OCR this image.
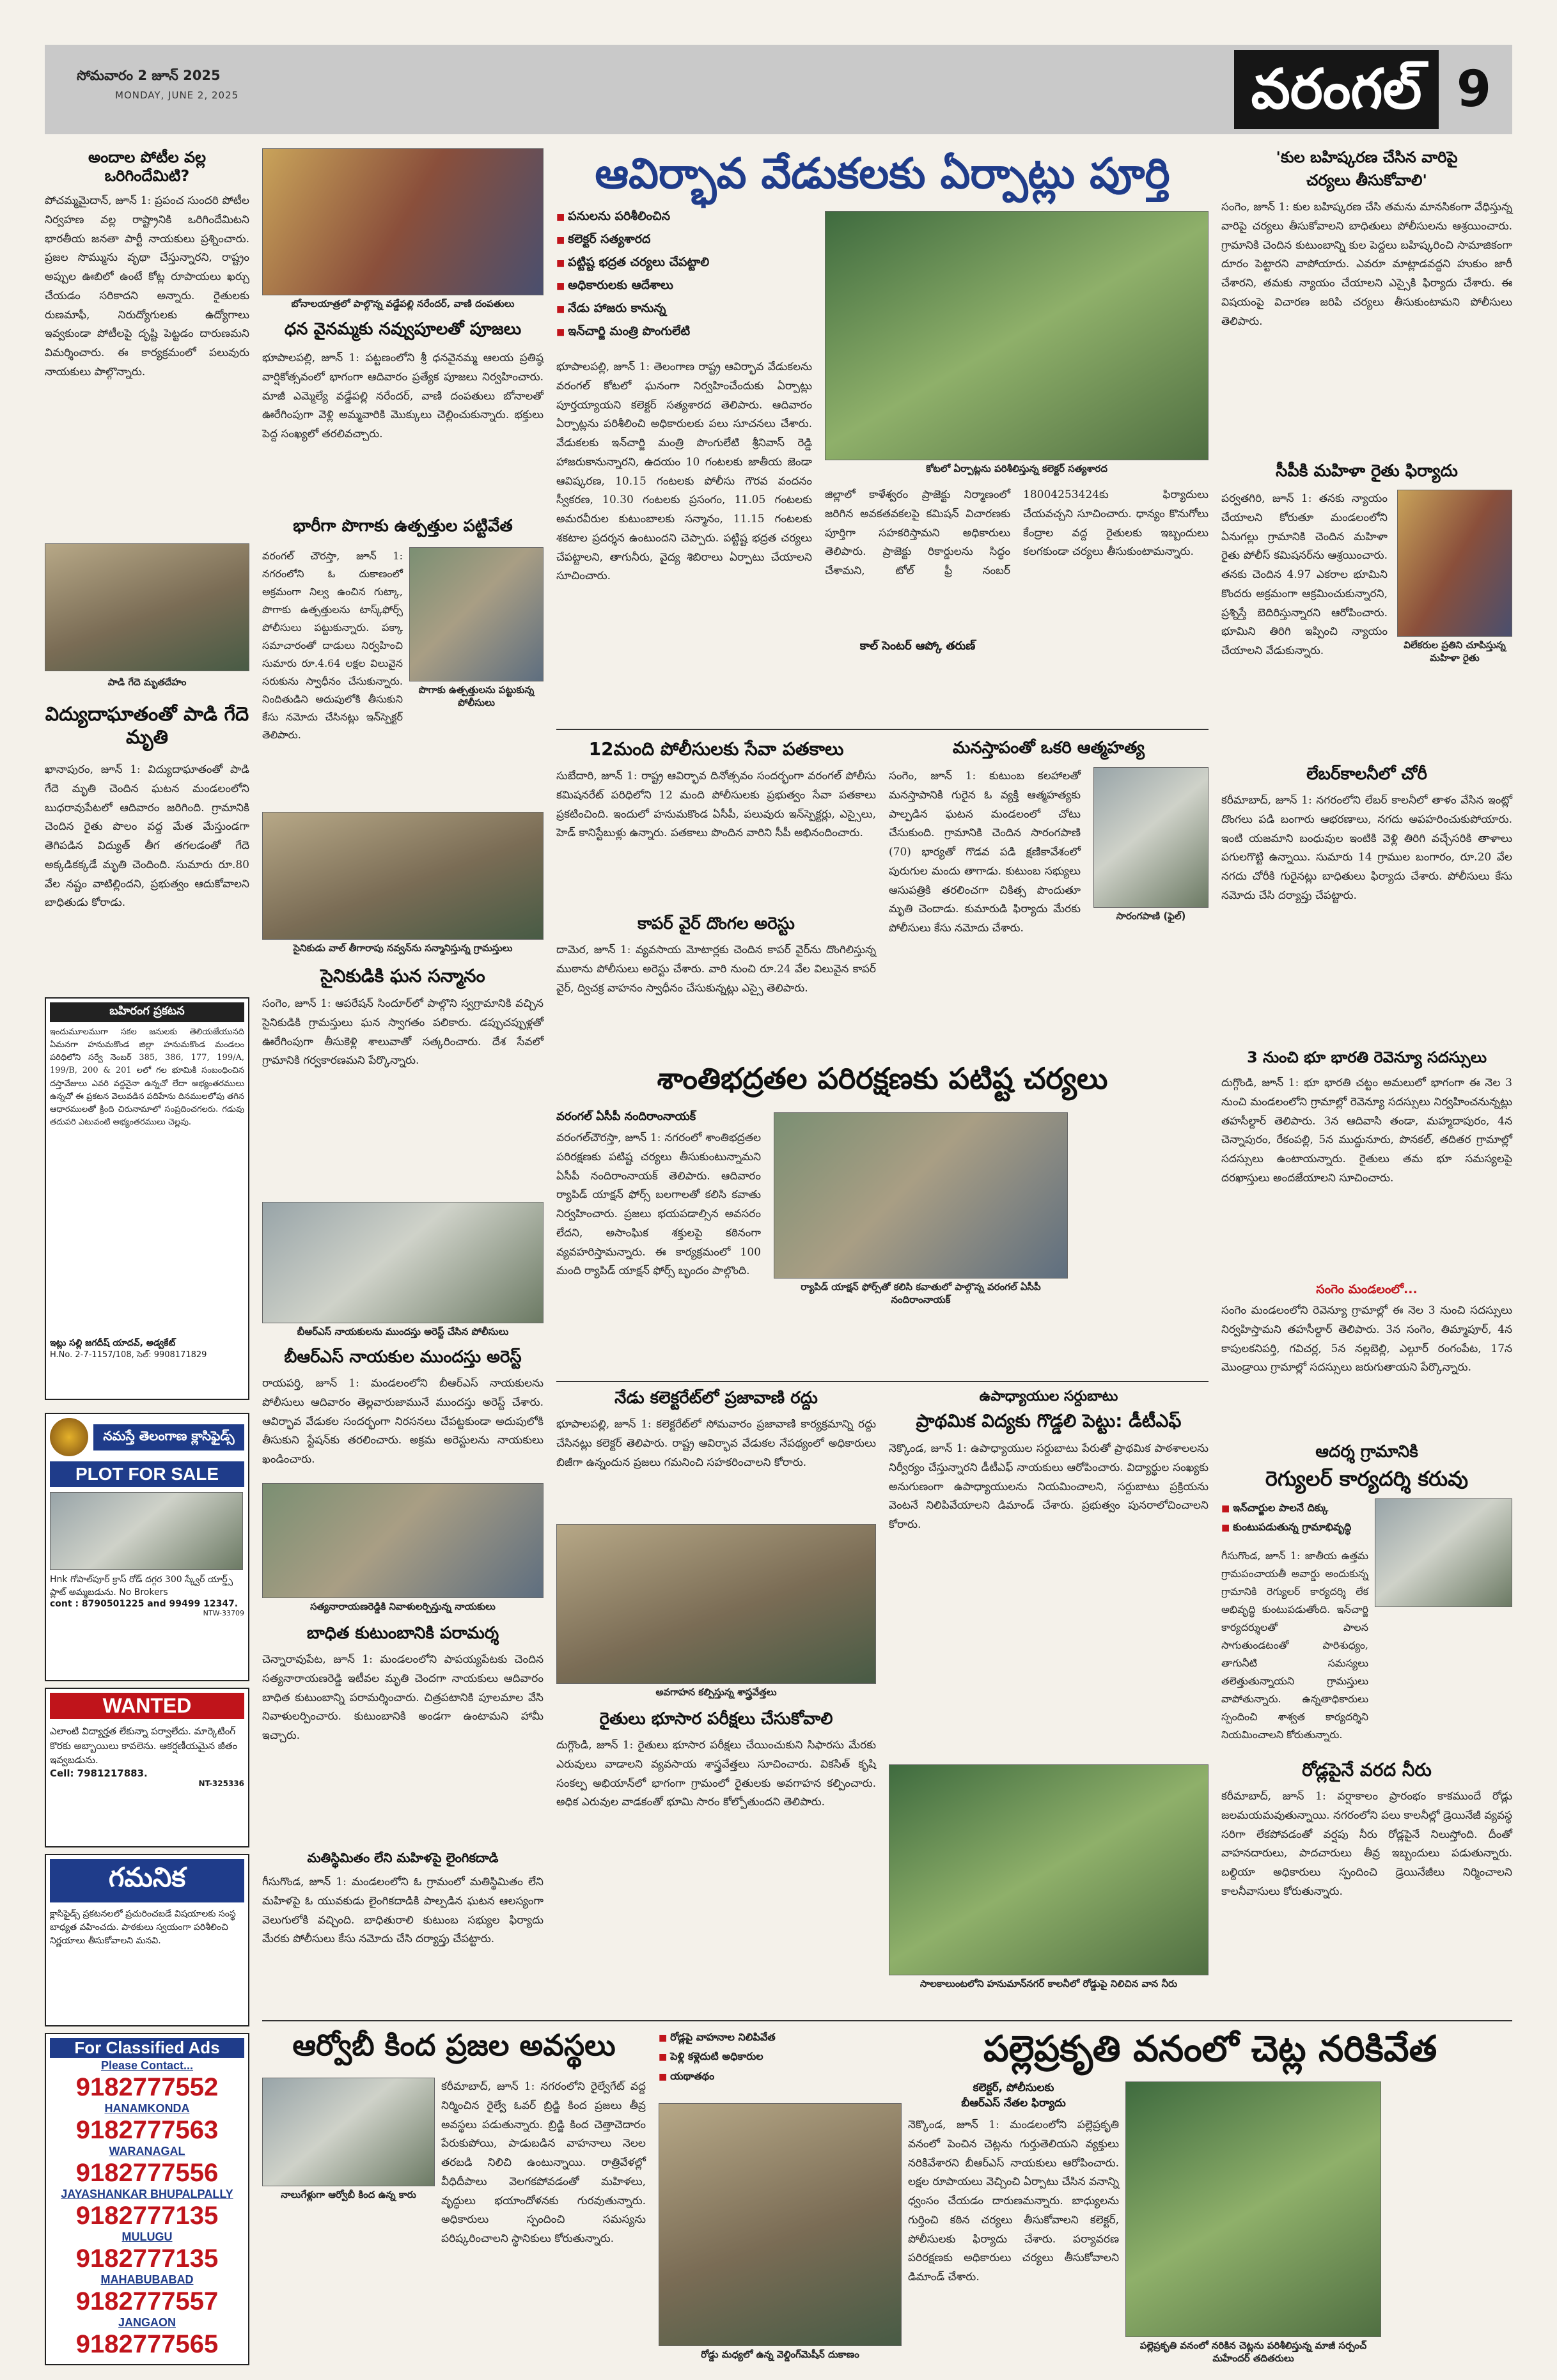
సోమవారం 2 జూన్ 2025
MONDAY, JUNE 2, 2025	వరంగల్ 9
అందాల పోటీల వల్ల ఒరిగిందేమిటి?
పోచమ్మమైదాన్, జూన్ 1: ప్రపంచ సుందరి పోటీల నిర్వహణ వల్ల రాష్ట్రానికి ఒరిగిందేమిటని భారతీయ జనతా పార్టీ నాయకులు ప్రశ్నించారు. ప్రజల సొమ్మును వృథా చేస్తున్నారని, రాష్ట్రం అప్పుల ఊబిలో ఉంటే కోట్ల రూపాయలు ఖర్చు చేయడం సరికాదని అన్నారు. రైతులకు రుణమాఫీ, నిరుద్యోగులకు ఉద్యోగాలు ఇవ్వకుండా పోటీలపై దృష్టి పెట్టడం దారుణమని విమర్శించారు. ఈ కార్యక్రమంలో పలువురు నాయకులు పాల్గొన్నారు.
పాడి గేదె మృతదేహం
విద్యుదాఘాతంతో పాడి గేదె మృతి
ఖానాపురం, జూన్ 1: విద్యుదాఘాతంతో పాడి గేదె మృతి చెందిన ఘటన మండలంలోని బుధరావుపేటలో ఆదివారం జరిగింది. గ్రామానికి చెందిన రైతు పొలం వద్ద మేత మేస్తుండగా తెగిపడిన విద్యుత్ తీగ తగలడంతో గేదె అక్కడికక్కడే మృతి చెందింది. సుమారు రూ.80 వేల నష్టం వాటిల్లిందని, ప్రభుత్వం ఆదుకోవాలని బాధితుడు కోరాడు.
బహిరంగ ప్రకటన
ఇందుమూలముగా సకల జనులకు తెలియజేయునది ఏమనగా హనుమకొండ జిల్లా హనుమకొండ మండలం పరిధిలోని సర్వే నెంబర్ 385, 386, 177, 199/A, 199/B, 200 & 201 లలో గల భూమికి సంబంధించిన దస్తావేజులు ఎవరి వద్దనైనా ఉన్నచో లేదా అభ్యంతరములు ఉన్నచో ఈ ప్రకటన వెలువడిన పదిహేను దినములలోపు తగిన ఆధారములతో క్రింది చిరునామాలో సంప్రదించగలరు. గడువు తదుపరి ఎటువంటి అభ్యంతరములు చెల్లవు.
ఇట్లు సల్లి జగదీష్ యాదవ్, అడ్వకేట్
H.No. 2-7-1157/108, సెల్: 9908171829
నమస్తే తెలంగాణ క్లాసిఫైడ్స్
PLOT FOR SALE
Hnk గోపాల్‌పూర్ క్రాస్ రోడ్ దగ్గర 300 స్క్వేర్ యార్డ్స్ ప్లాట్ అమ్మబడును. No Brokers
cont : 8790501225 and 99499 12347.
NTW-33709
WANTED
ఎలాంటి విద్యార్హత లేకున్నా పర్వాలేదు. మార్కెటింగ్ కొరకు అబ్బాయిలు కావలెను. ఆకర్షణీయమైన జీతం ఇవ్వబడును.
Cell: 7981217883.
NT-325336
గమనిక
క్లాసిఫైడ్స్ ప్రకటనలలో ప్రచురించబడే విషయాలకు సంస్థ బాధ్యత వహించదు. పాఠకులు స్వయంగా పరిశీలించి నిర్ణయాలు తీసుకోవాలని మనవి.
For Classified Ads
Please Contact...
9182777552
HANAMKONDA
9182777563
WARANAGAL
9182777556
JAYASHANKAR BHUPALPALLY
9182777135
MULUGU
9182777135
MAHABUBABAD
9182777557
JANGAON
9182777565
బోనాలయాత్రలో పాల్గొన్న వడ్డేపల్లి నరేందర్, వాణి దంపతులు
ధన వైనమ్మకు నవ్వుపూలతో పూజలు
భూపాలపల్లి, జూన్ 1: పట్టణంలోని శ్రీ ధనవైనమ్మ ఆలయ ప్రతిష్ఠ వార్షికోత్సవంలో భాగంగా ఆదివారం ప్రత్యేక పూజలు నిర్వహించారు. మాజీ ఎమ్మెల్యే వడ్డేపల్లి నరేందర్, వాణి దంపతులు బోనాలతో ఊరేగింపుగా వెళ్లి అమ్మవారికి మొక్కులు చెల్లించుకున్నారు. భక్తులు పెద్ద సంఖ్యలో తరలివచ్చారు.
భారీగా పొగాకు ఉత్పత్తుల పట్టివేత
వరంగల్ చౌరస్తా, జూన్ 1: నగరంలోని ఓ దుకాణంలో అక్రమంగా నిల్వ ఉంచిన గుట్కా, పొగాకు ఉత్పత్తులను టాస్క్‌ఫోర్స్ పోలీసులు పట్టుకున్నారు. పక్కా సమాచారంతో దాడులు నిర్వహించి సుమారు రూ.4.64 లక్షల విలువైన సరుకును స్వాధీనం చేసుకున్నారు. నిందితుడిని అదుపులోకి తీసుకుని కేసు నమోదు చేసినట్లు ఇన్‌స్పెక్టర్ తెలిపారు.
పొగాకు ఉత్పత్తులను పట్టుకున్న పోలీసులు
సైనికుడు వాల్ తీగారాపు నవ్వన్‌ను సన్మానిస్తున్న గ్రామస్తులు
సైనికుడికి ఘన సన్మానం
సంగెం, జూన్ 1: ఆపరేషన్ సిందూర్‌లో పాల్గొని స్వగ్రామానికి వచ్చిన సైనికుడికి గ్రామస్తులు ఘన స్వాగతం పలికారు. డప్పుచప్పుళ్లతో ఊరేగింపుగా తీసుకెళ్లి శాలువాతో సత్కరించారు. దేశ సేవలో గ్రామానికి గర్వకారణమని పేర్కొన్నారు.
బీఆర్‌ఎస్ నాయకులను ముందస్తు అరెస్ట్ చేసిన పోలీసులు
బీఆర్‌ఎస్ నాయకుల ముందస్తు అరెస్ట్
రాయపర్తి, జూన్ 1: మండలంలోని బీఆర్‌ఎస్ నాయకులను పోలీసులు ఆదివారం తెల్లవారుజామునే ముందస్తు అరెస్ట్ చేశారు. ఆవిర్భావ వేడుకల సందర్భంగా నిరసనలు చేపట్టకుండా అదుపులోకి తీసుకుని స్టేషన్‌కు తరలించారు. అక్రమ అరెస్టులను నాయకులు ఖండించారు.
సత్యనారాయణరెడ్డికి నివాళులర్పిస్తున్న నాయకులు
బాధిత కుటుంబానికి పరామర్శ
చెన్నారావుపేట, జూన్ 1: మండలంలోని పాపయ్యపేటకు చెందిన సత్యనారాయణరెడ్డి ఇటీవల మృతి చెందగా నాయకులు ఆదివారం బాధిత కుటుంబాన్ని పరామర్శించారు. చిత్రపటానికి పూలమాల వేసి నివాళులర్పించారు. కుటుంబానికి అండగా ఉంటామని హామీ ఇచ్చారు.
మతిస్థిమితం లేని మహిళపై లైంగికదాడి
గీసుగొండ, జూన్ 1: మండలంలోని ఓ గ్రామంలో మతిస్థిమితం లేని మహిళపై ఓ యువకుడు లైంగికదాడికి పాల్పడిన ఘటన ఆలస్యంగా వెలుగులోకి వచ్చింది. బాధితురాలి కుటుంబ సభ్యుల ఫిర్యాదు మేరకు పోలీసులు కేసు నమోదు చేసి దర్యాప్తు చేపట్టారు.
ఆవిర్భావ వేడుకలకు ఏర్పాట్లు పూర్తి
■ పనులను పరిశీలించిన
■ కలెక్టర్ సత్యశారద
■ పట్టిష్ట భద్రత చర్యలు చేపట్టాలి
■ అధికారులకు ఆదేశాలు
■ నేడు హాజరు కానున్న
■ ఇన్‌చార్జి మంత్రి పొంగులేటి
కోటలో ఏర్పాట్లను పరిశీలిస్తున్న కలెక్టర్ సత్యశారద
భూపాలపల్లి, జూన్ 1: తెలంగాణ రాష్ట్ర ఆవిర్భావ వేడుకలను వరంగల్ కోటలో ఘనంగా నిర్వహించేందుకు ఏర్పాట్లు పూర్తయ్యాయని కలెక్టర్ సత్యశారద తెలిపారు. ఆదివారం ఏర్పాట్లను పరిశీలించి అధికారులకు పలు సూచనలు చేశారు. వేడుకలకు ఇన్‌చార్జి మంత్రి పొంగులేటి శ్రీనివాస్ రెడ్డి హాజరుకానున్నారని, ఉదయం 10 గంటలకు జాతీయ జెండా ఆవిష్కరణ, 10.15 గంటలకు పోలీసు గౌరవ వందనం స్వీకరణ, 10.30 గంటలకు ప్రసంగం, 11.05 గంటలకు అమరవీరుల కుటుంబాలకు సన్మానం, 11.15 గంటలకు శకటాల ప్రదర్శన ఉంటుందని చెప్పారు. పట్టిష్ట భద్రత చర్యలు చేపట్టాలని, తాగునీరు, వైద్య శిబిరాలు ఏర్పాటు చేయాలని సూచించారు.
జిల్లాలో కాళేశ్వరం ప్రాజెక్టు నిర్మాణంలో జరిగిన అవకతవకలపై కమిషన్ విచారణకు పూర్తిగా సహకరిస్తామని అధికారులు తెలిపారు. ప్రాజెక్టు రికార్డులను సిద్ధం చేశామని, టోల్ ఫ్రీ నంబర్ 18004253424కు ఫిర్యాదులు చేయవచ్చని సూచించారు. ధాన్యం కొనుగోలు కేంద్రాల వద్ద రైతులకు ఇబ్బందులు కలగకుండా చర్యలు తీసుకుంటామన్నారు.
కాల్ సెంటర్ ఆప్కో తరుణ్
12మంది పోలీసులకు సేవా పతకాలు
సుబేదారి, జూన్ 1: రాష్ట్ర ఆవిర్భావ దినోత్సవం సందర్భంగా వరంగల్ పోలీసు కమిషనరేట్ పరిధిలోని 12 మంది పోలీసులకు ప్రభుత్వం సేవా పతకాలు ప్రకటించింది. ఇందులో హనుమకొండ ఏసీపీ, పలువురు ఇన్‌స్పెక్టర్లు, ఎస్సైలు, హెడ్ కానిస్టేబుళ్లు ఉన్నారు. పతకాలు పొందిన వారిని సీపీ అభినందించారు.
కాపర్ వైర్ దొంగల అరెస్టు
దామెర, జూన్ 1: వ్యవసాయ మోటార్లకు చెందిన కాపర్ వైర్‌ను దొంగిలిస్తున్న ముఠాను పోలీసులు అరెస్టు చేశారు. వారి నుంచి రూ.24 వేల విలువైన కాపర్ వైర్, ద్విచక్ర వాహనం స్వాధీనం చేసుకున్నట్లు ఎస్సై తెలిపారు.
మనస్తాపంతో ఒకరి ఆత్మహత్య
సంగెం, జూన్ 1: కుటుంబ కలహాలతో మనస్తాపానికి గురైన ఓ వ్యక్తి ఆత్మహత్యకు పాల్పడిన ఘటన మండలంలో చోటు చేసుకుంది. గ్రామానికి చెందిన సారంగపాణి (70) భార్యతో గొడవ పడి క్షణికావేశంలో పురుగుల మందు తాగాడు. కుటుంబ సభ్యులు ఆసుపత్రికి తరలించగా చికిత్స పొందుతూ మృతి చెందాడు. కుమారుడి ఫిర్యాదు మేరకు పోలీసులు కేసు నమోదు చేశారు.
సారంగపాణి (ఫైల్)
శాంతిభద్రతల పరిరక్షణకు పటిష్ట చర్యలు
వరంగల్ ఏసీపీ నందిరాంనాయక్
వరంగల్‌చౌరస్తా, జూన్ 1: నగరంలో శాంతిభద్రతల పరిరక్షణకు పటిష్ట చర్యలు తీసుకుంటున్నామని ఏసీపీ నందిరాంనాయక్ తెలిపారు. ఆదివారం ర్యాపిడ్ యాక్షన్ ఫోర్స్ బలగాలతో కలిసి కవాతు నిర్వహించారు. ప్రజలు భయపడాల్సిన అవసరం లేదని, అసాంఘిక శక్తులపై కఠినంగా వ్యవహరిస్తామన్నారు. ఈ కార్యక్రమంలో 100 మంది ర్యాపిడ్ యాక్షన్ ఫోర్స్ బృందం పాల్గొంది.
ర్యాపిడ్ యాక్షన్ ఫోర్స్‌తో కలిసి కవాతులో పాల్గొన్న వరంగల్ ఏసీపీ నందిరాంనాయక్
నేడు కలెక్టరేట్‌లో ప్రజావాణి రద్దు
భూపాలపల్లి, జూన్ 1: కలెక్టరేట్‌లో సోమవారం ప్రజావాణి కార్యక్రమాన్ని రద్దు చేసినట్లు కలెక్టర్ తెలిపారు. రాష్ట్ర ఆవిర్భావ వేడుకల నేపథ్యంలో అధికారులు బిజీగా ఉన్నందున ప్రజలు గమనించి సహకరించాలని కోరారు.
అవగాహన కల్పిస్తున్న శాస్త్రవేత్తలు
రైతులు భూసార పరీక్షలు చేసుకోవాలి
దుగ్గొండి, జూన్ 1: రైతులు భూసార పరీక్షలు చేయించుకుని సిఫారసు మేరకు ఎరువులు వాడాలని వ్యవసాయ శాస్త్రవేత్తలు సూచించారు. వికసిత్ కృషి సంకల్ప అభియాన్‌లో భాగంగా గ్రామంలో రైతులకు అవగాహన కల్పించారు. అధిక ఎరువుల వాడకంతో భూమి సారం కోల్పోతుందని తెలిపారు.
ఉపాధ్యాయుల సర్దుబాటు
ప్రాథమిక విద్యకు గొడ్డలి పెట్టు: డీటీఎఫ్
నెక్కొండ, జూన్ 1: ఉపాధ్యాయుల సర్దుబాటు పేరుతో ప్రాథమిక పాఠశాలలను నిర్వీర్యం చేస్తున్నారని డీటీఎఫ్ నాయకులు ఆరోపించారు. విద్యార్థుల సంఖ్యకు అనుగుణంగా ఉపాధ్యాయులను నియమించాలని, సర్దుబాటు ప్రక్రియను వెంటనే నిలిపివేయాలని డిమాండ్ చేశారు. ప్రభుత్వం పునరాలోచించాలని కోరారు.
సాలకాలుంటలోని హనుమాన్‌నగర్ కాలనీలో రోడ్డుపై నిలిచిన వాన నీరు
'కుల బహిష్కరణ చేసిన వారిపై
చర్యలు తీసుకోవాలి'
సంగెం, జూన్ 1: కుల బహిష్కరణ చేసి తమను మానసికంగా వేధిస్తున్న వారిపై చర్యలు తీసుకోవాలని బాధితులు పోలీసులను ఆశ్రయించారు. గ్రామానికి చెందిన కుటుంబాన్ని కుల పెద్దలు బహిష్కరించి సామాజికంగా దూరం పెట్టారని వాపోయారు. ఎవరూ మాట్లాడవద్దని హుకుం జారీ చేశారని, తమకు న్యాయం చేయాలని ఎస్సైకి ఫిర్యాదు చేశారు. ఈ విషయంపై విచారణ జరిపి చర్యలు తీసుకుంటామని పోలీసులు తెలిపారు.
సీపీకి మహిళా రైతు ఫిర్యాదు
పర్వతగిరి, జూన్ 1: తనకు న్యాయం చేయాలని కోరుతూ మండలంలోని ఏనుగల్లు గ్రామానికి చెందిన మహిళా రైతు పోలీస్ కమిషనర్‌ను ఆశ్రయించారు. తనకు చెందిన 4.97 ఎకరాల భూమిని కొందరు అక్రమంగా ఆక్రమించుకున్నారని, ప్రశ్నిస్తే బెదిరిస్తున్నారని ఆరోపించారు. భూమిని తిరిగి ఇప్పించి న్యాయం చేయాలని వేడుకున్నారు.	విలేకరుల ప్రతిని చూపిస్తున్న మహిళా రైతు
లేబర్‌కాలనీలో చోరీ
కరీమాబాద్, జూన్ 1: నగరంలోని లేబర్ కాలనీలో తాళం వేసిన ఇంట్లో దొంగలు పడి బంగారు ఆభరణాలు, నగదు అపహరించుకుపోయారు. ఇంటి యజమాని బంధువుల ఇంటికి వెళ్లి తిరిగి వచ్చేసరికి తాళాలు పగులగొట్టి ఉన్నాయి. సుమారు 14 గ్రాముల బంగారం, రూ.20 వేల నగదు చోరీకి గురైనట్లు బాధితులు ఫిర్యాదు చేశారు. పోలీసులు కేసు నమోదు చేసి దర్యాప్తు చేపట్టారు.
3 నుంచి భూ భారతి రెవెన్యూ సదస్సులు
దుగ్గొండి, జూన్ 1: భూ భారతి చట్టం అమలులో భాగంగా ఈ నెల 3 నుంచి మండలంలోని గ్రామాల్లో రెవెన్యూ సదస్సులు నిర్వహించనున్నట్లు తహసీల్దార్ తెలిపారు. 3న ఆదివాసి తండా, మహ్మదాపురం, 4న చెన్నాపురం, రేకంపల్లి, 5న ముద్దునూరు, పొనకల్, తదితర గ్రామాల్లో సదస్సులు ఉంటాయన్నారు. రైతులు తమ భూ సమస్యలపై దరఖాస్తులు అందజేయాలని సూచించారు.
సంగెం మండలంలో...
సంగెం మండలంలోని రెవెన్యూ గ్రామాల్లో ఈ నెల 3 నుంచి సదస్సులు నిర్వహిస్తామని తహసీల్దార్ తెలిపారు. 3న సంగెం, తిమ్మాపూర్, 4న కాపులకనిపర్తి, గవిచర్ల, 5న నల్లబెల్లి, ఎల్గూర్ రంగంపేట, 17న మొండ్రాయి గ్రామాల్లో సదస్సులు జరుగుతాయని పేర్కొన్నారు.
ఆదర్శ గ్రామానికి
రెగ్యులర్ కార్యదర్శి కరువు
■ ఇన్‌చార్జుల పాలనే దిక్కు
■ కుంటుపడుతున్న గ్రామాభివృద్ధి
గీసుగొండ, జూన్ 1: జాతీయ ఉత్తమ గ్రామపంచాయతీ అవార్డు అందుకున్న గ్రామానికి రెగ్యులర్ కార్యదర్శి లేక అభివృద్ధి కుంటుపడుతోంది. ఇన్‌చార్జి కార్యదర్శులతో పాలన సాగుతుండటంతో పారిశుధ్యం, తాగునీటి సమస్యలు తలెత్తుతున్నాయని గ్రామస్తులు వాపోతున్నారు. ఉన్నతాధికారులు స్పందించి శాశ్వత కార్యదర్శిని నియమించాలని కోరుతున్నారు.
రోడ్లపైనే వరద నీరు
కరీమాబాద్, జూన్ 1: వర్షాకాలం ప్రారంభం కాకముందే రోడ్లు జలమయమవుతున్నాయి. నగరంలోని పలు కాలనీల్లో డ్రెయినేజీ వ్యవస్థ సరిగా లేకపోవడంతో వర్షపు నీరు రోడ్లపైనే నిలుస్తోంది. దీంతో వాహనదారులు, పాదచారులు తీవ్ర ఇబ్బందులు పడుతున్నారు. బల్దియా అధికారులు స్పందించి డ్రెయినేజీలు నిర్మించాలని కాలనీవాసులు కోరుతున్నారు.
ఆర్వోబీ కింద ప్రజల అవస్థలు
నాలుగేళ్లుగా ఆర్వోబీ కింద ఉన్న కారు
కరీమాబాద్, జూన్ 1: నగరంలోని రైల్వేగేట్ వద్ద నిర్మించిన రైల్వే ఓవర్ బ్రిడ్జి కింద ప్రజలు తీవ్ర అవస్థలు పడుతున్నారు. బ్రిడ్జి కింద చెత్తాచెదారం పేరుకుపోయి, పాడుబడిన వాహనాలు నెలల తరబడి నిలిచి ఉంటున్నాయి. రాత్రివేళల్లో వీధిదీపాలు వెలగకపోవడంతో మహిళలు, వృద్ధులు భయాందోళనకు గురవుతున్నారు. అధికారులు స్పందించి సమస్యను పరిష్కరించాలని స్థానికులు కోరుతున్నారు.
■ రోడ్లపై వాహనాల నిలిపివేత
■ పెళ్లి కళ్లెదుటి అధికారుల
■ యథాతథం
రోడ్డు మధ్యలో ఉన్న వెల్డింగ్‌మెషీన్ దుకాణం
పల్లెప్రకృతి వనంలో చెట్ల నరికివేత
కలెక్టర్, పోలీసులకు
బీఆర్‌ఎస్ నేతల ఫిర్యాదు
నెక్కొండ, జూన్ 1: మండలంలోని పల్లెప్రకృతి వనంలో పెంచిన చెట్లను గుర్తుతెలియని వ్యక్తులు నరికివేశారని బీఆర్‌ఎస్ నాయకులు ఆరోపించారు. లక్షల రూపాయలు వెచ్చించి ఏర్పాటు చేసిన వనాన్ని ధ్వంసం చేయడం దారుణమన్నారు. బాధ్యులను గుర్తించి కఠిన చర్యలు తీసుకోవాలని కలెక్టర్, పోలీసులకు ఫిర్యాదు చేశారు. పర్యావరణ పరిరక్షణకు అధికారులు చర్యలు తీసుకోవాలని డిమాండ్ చేశారు.
పల్లెప్రకృతి వనంలో నరికిన చెట్లను పరిశీలిస్తున్న మాజీ సర్పంచ్ మహేందర్ తదితరులు
